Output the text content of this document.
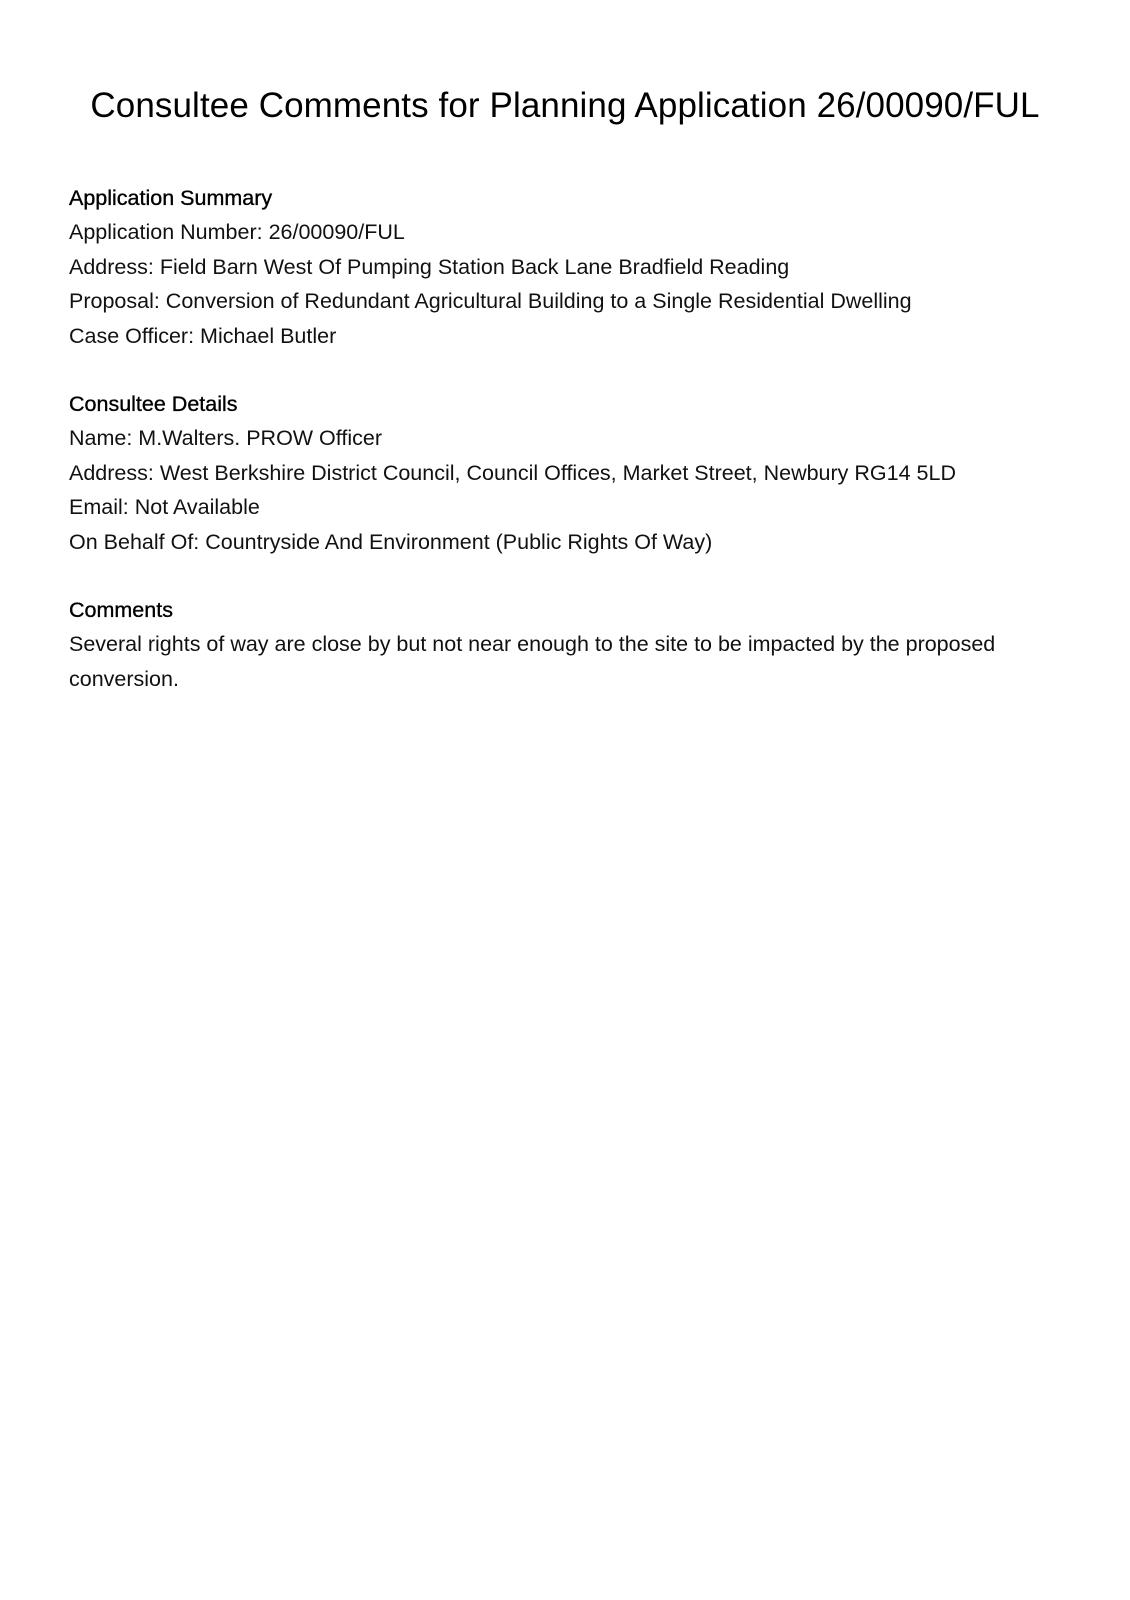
Consultee Comments for Planning Application 26/00090/FUL

Application Summary

Application Number: 26/00090/FUL

Address: Field Barn West Of Pumping Station Back Lane Bradfield Reading

Proposal: Conversion of Redundant Agricultural Building to a Single Residential Dwelling

Case Officer: Michael Butler

Consultee Details

Name: M.Walters. PROW Officer

Address: West Berkshire District Council, Council Offices, Market Street, Newbury RG14 5LD

Email: Not Available

On Behalf Of: Countryside And Environment (Public Rights Of Way)

Comments

Several rights of way are close by but not near enough to the site to be impacted by the proposed conversion.
